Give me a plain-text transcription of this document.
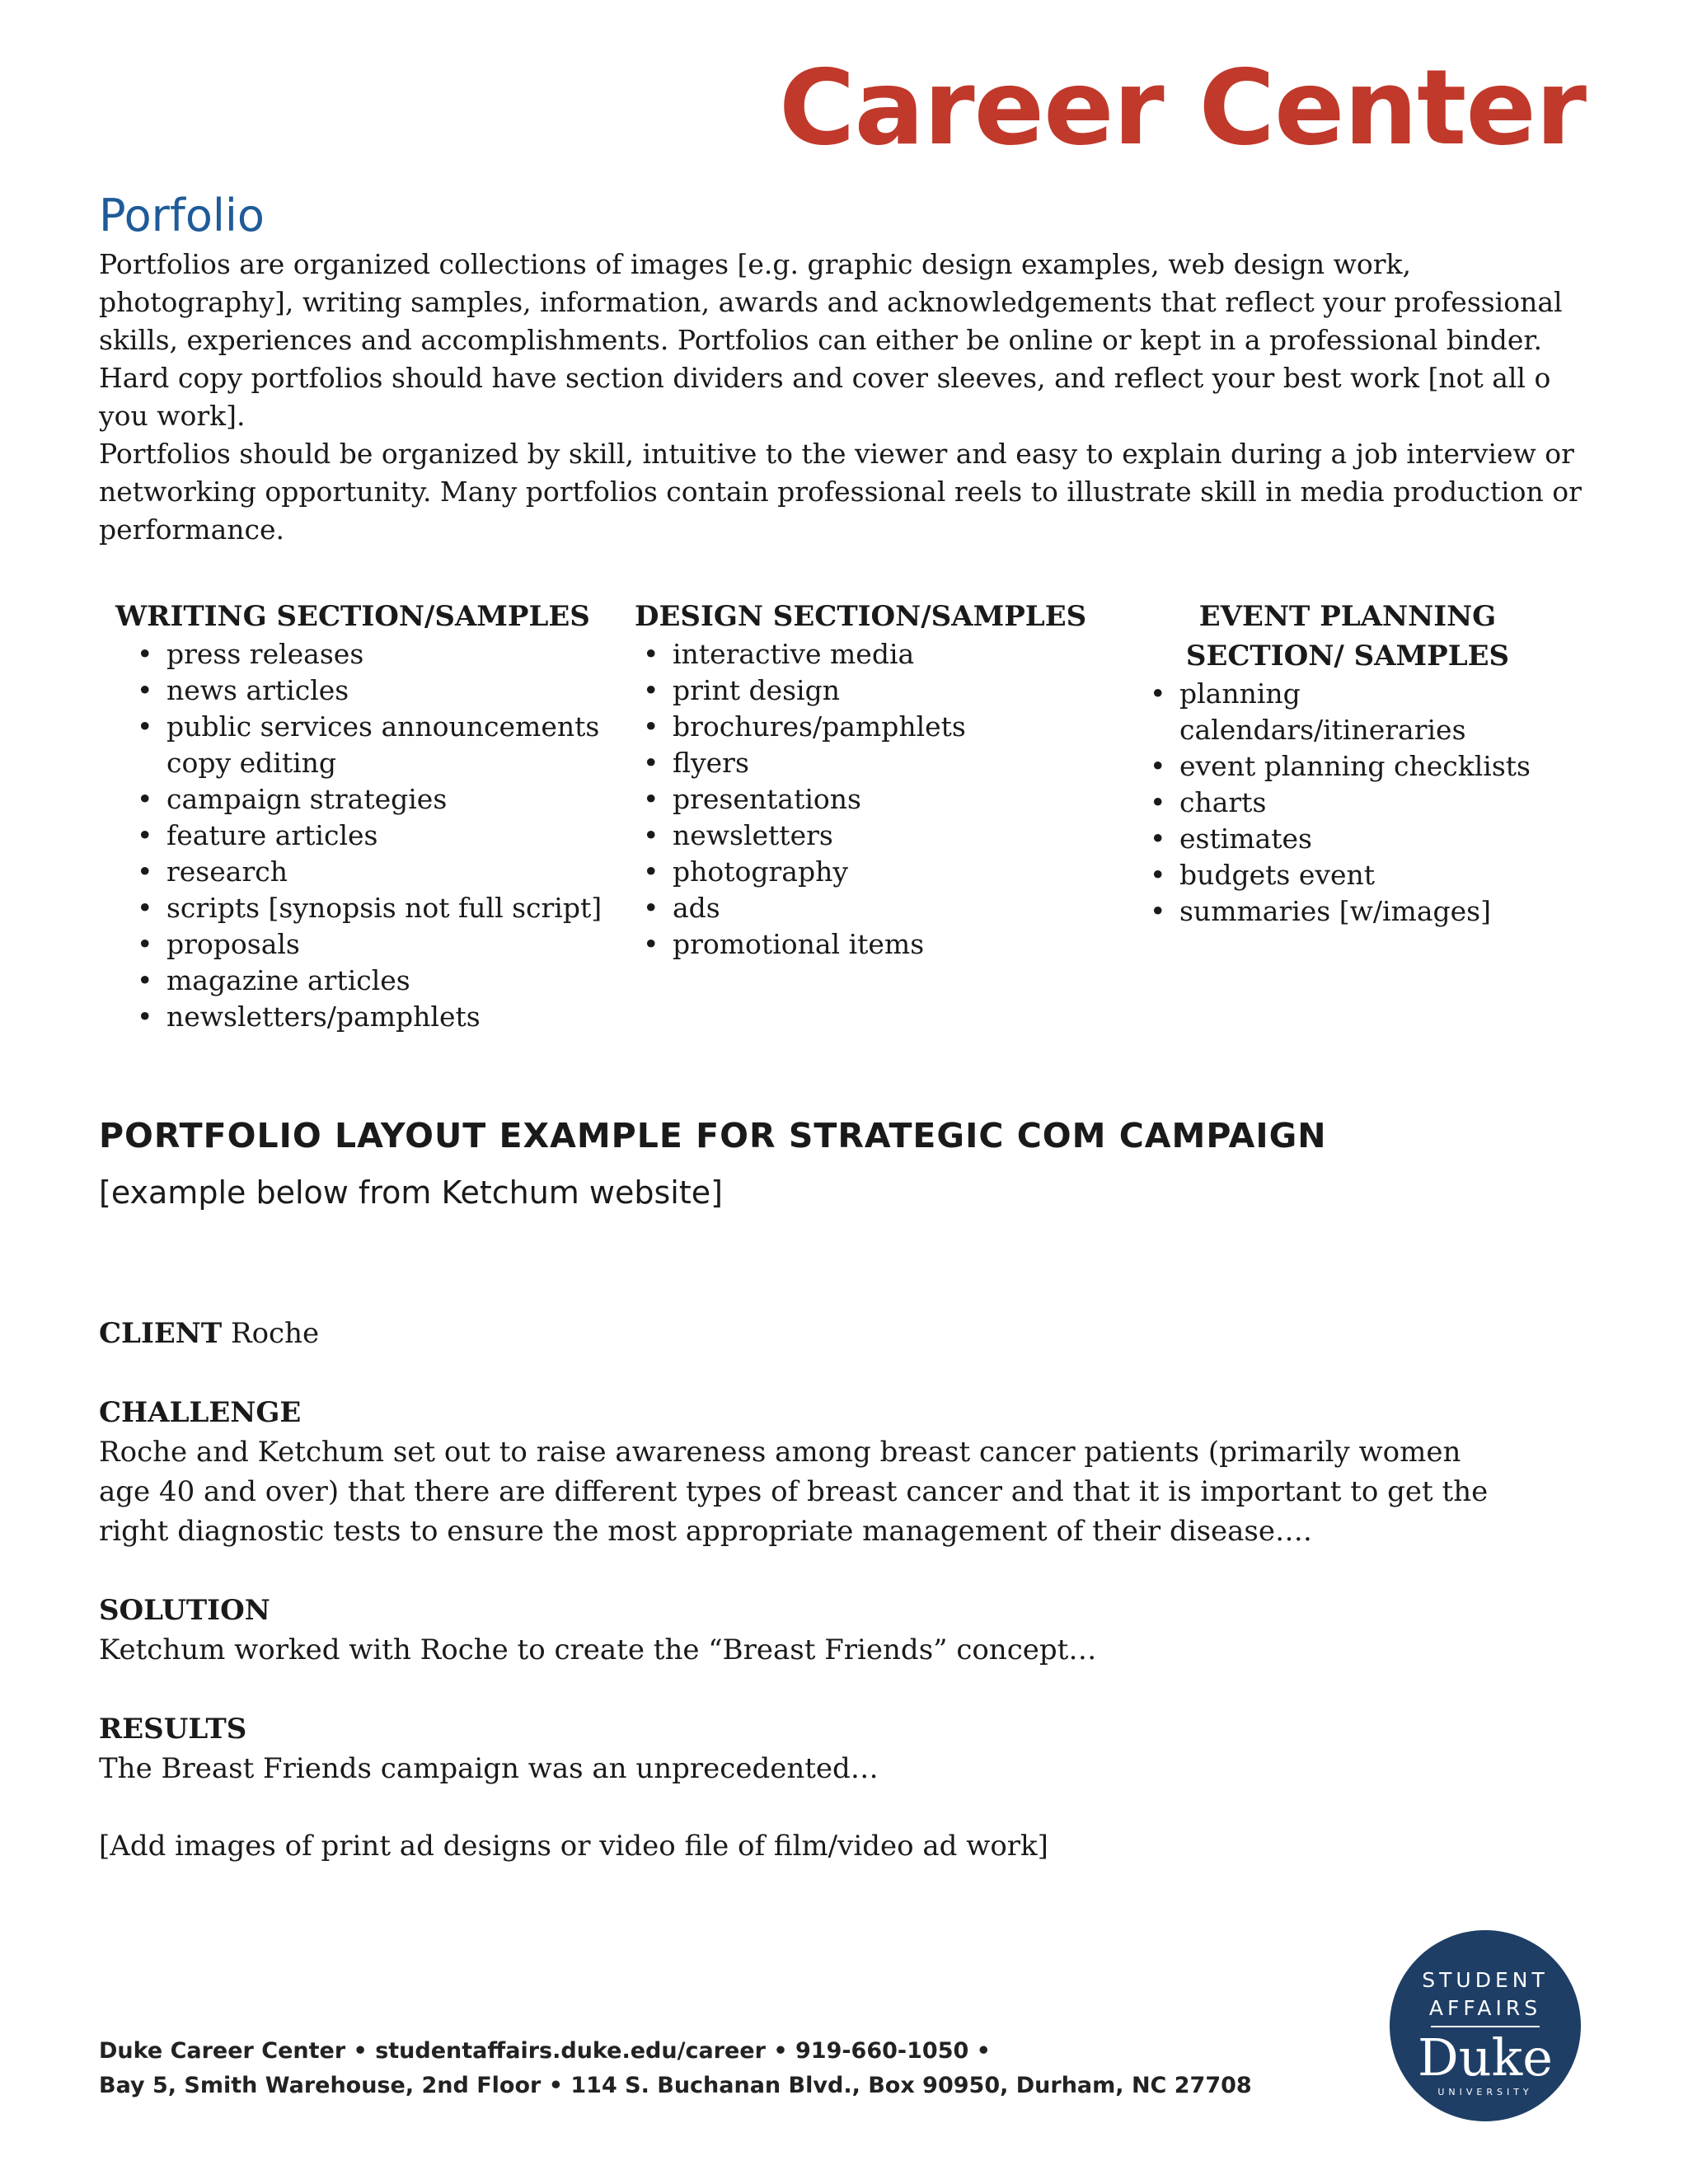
Career Center
Porfolio

Portfolios are organized collections of images [e.g. graphic design examples, web design work, photography], writing samples, information, awards and acknowledgements that reflect your professional skills, experiences and accomplishments. Portfolios can either be online or kept in a professional binder. Hard copy portfolios should have section dividers and cover sleeves, and reflect your best work [not all o you work].

Portfolios should be organized by skill, intuitive to the viewer and easy to explain during a job interview or networking opportunity. Many portfolios contain professional reels to illustrate skill in media production or performance.

WRITING SECTION/SAMPLES
• press releases
• news articles
• public services announcements copy editing
• campaign strategies
• feature articles
• research
• scripts [synopsis not full script]
• proposals
• magazine articles
• newsletters/pamphlets
DESIGN SECTION/SAMPLES
• interactive media
• print design
• brochures/pamphlets
• flyers
• presentations
• newsletters
• photography
• ads
• promotional items
EVENT PLANNING SECTION/ SAMPLES
• planning calendars/itineraries
• event planning checklists
• charts
• estimates
• budgets event
• summaries [w/images]
PORTFOLIO LAYOUT EXAMPLE FOR STRATEGIC COM CAMPAIGN
[example below from Ketchum website]

CLIENT Roche

CHALLENGE

Roche and Ketchum set out to raise awareness among breast cancer patients (primarily women age 40 and over) that there are different types of breast cancer and that it is important to get the right diagnostic tests to ensure the most appropriate management of their disease….

SOLUTION

Ketchum worked with Roche to create the “Breast Friends” concept…

RESULTS

The Breast Friends campaign was an unprecedented…

[Add images of print ad designs or video file of film/video ad work]

Duke Career Center • studentaffairs.duke.edu/career • 919-660-1050 •
Bay 5, Smith Warehouse, 2nd Floor • 114 S. Buchanan Blvd., Box 90950, Durham, NC 27708
STUDENT
AFFAIRS
Duke
UNIVERSITY
